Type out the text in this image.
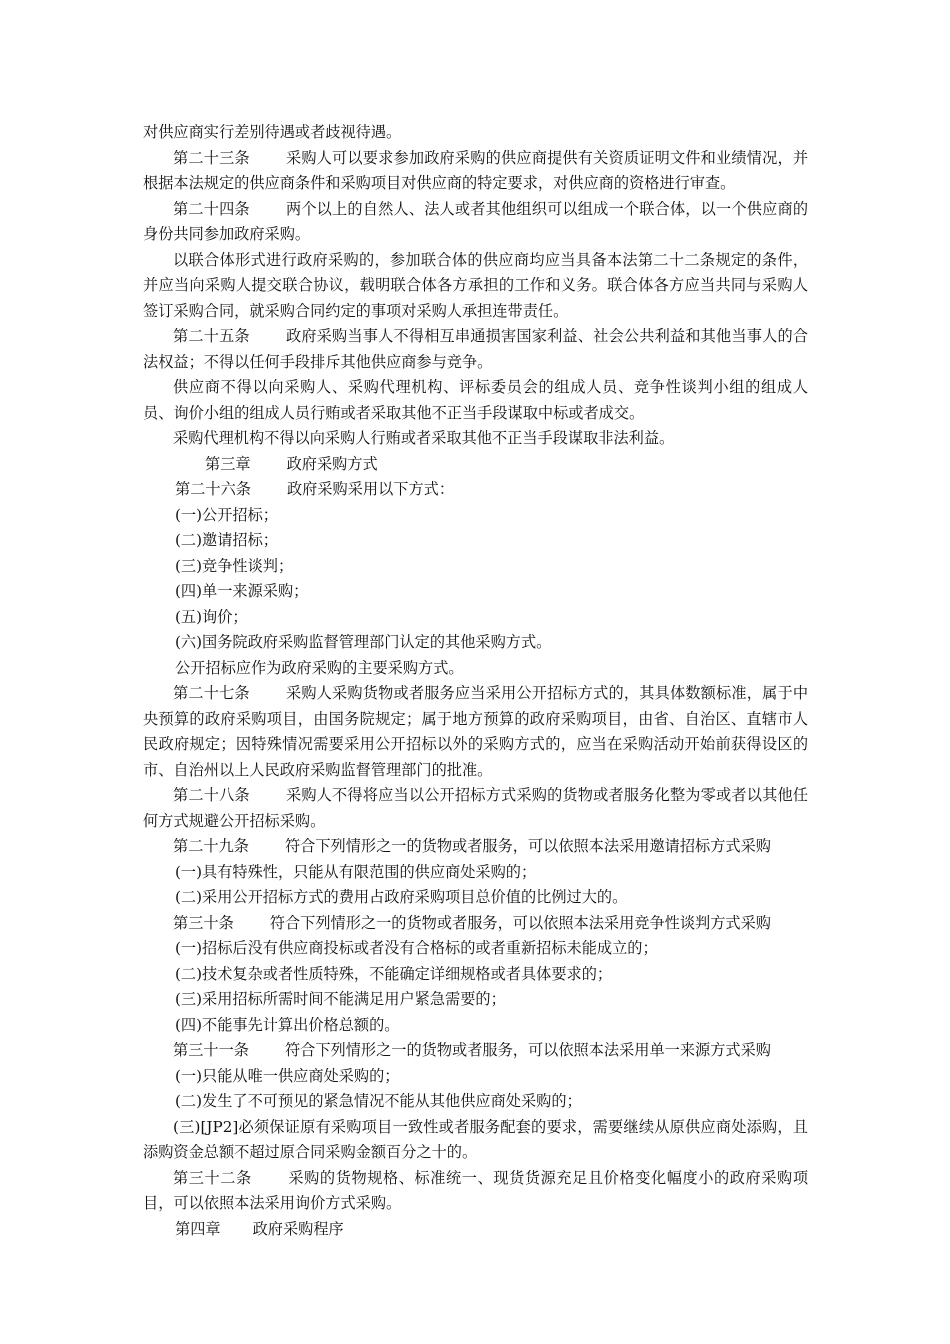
对供应商实行差别待遇或者歧视待遇。

第二十三条 采购人可以要求参加政府采购的供应商提供有关资质证明文件和业绩情况，并根据本法规定的供应商条件和采购项目对供应商的特定要求，对供应商的资格进行审查。

第二十四条 两个以上的自然人、法人或者其他组织可以组成一个联合体，以一个供应商的身份共同参加政府采购。

以联合体形式进行政府采购的，参加联合体的供应商均应当具备本法第二十二条规定的条件，并应当向采购人提交联合协议，载明联合体各方承担的工作和义务。联合体各方应当共同与采购人签订采购合同，就采购合同约定的事项对采购人承担连带责任。

第二十五条 政府采购当事人不得相互串通损害国家利益、社会公共利益和其他当事人的合法权益；不得以任何手段排斥其他供应商参与竞争。

供应商不得以向采购人、采购代理机构、评标委员会的组成人员、竞争性谈判小组的组成人员、询价小组的组成人员行贿或者采取其他不正当手段谋取中标或者成交。

采购代理机构不得以向采购人行贿或者采取其他不正当手段谋取非法利益。

第三章 政府采购方式

第二十六条 政府采购采用以下方式：

(一)公开招标；

(二)邀请招标；

(三)竞争性谈判；

(四)单一来源采购；

(五)询价；

(六)国务院政府采购监督管理部门认定的其他采购方式。

公开招标应作为政府采购的主要采购方式。

第二十七条 采购人采购货物或者服务应当采用公开招标方式的，其具体数额标准，属于中央预算的政府采购项目，由国务院规定；属于地方预算的政府采购项目，由省、自治区、直辖市人民政府规定；因特殊情况需要采用公开招标以外的采购方式的，应当在采购活动开始前获得设区的市、自治州以上人民政府采购监督管理部门的批准。

第二十八条 采购人不得将应当以公开招标方式采购的货物或者服务化整为零或者以其他任何方式规避公开招标采购。

第二十九条 符合下列情形之一的货物或者服务，可以依照本法采用邀请招标方式采购

(一)具有特殊性，只能从有限范围的供应商处采购的；

(二)采用公开招标方式的费用占政府采购项目总价值的比例过大的。

第三十条 符合下列情形之一的货物或者服务，可以依照本法采用竞争性谈判方式采购

(一)招标后没有供应商投标或者没有合格标的或者重新招标未能成立的；

(二)技术复杂或者性质特殊，不能确定详细规格或者具体要求的；

(三)采用招标所需时间不能满足用户紧急需要的；

(四)不能事先计算出价格总额的。

第三十一条 符合下列情形之一的货物或者服务，可以依照本法采用单一来源方式采购

(一)只能从唯一供应商处采购的；

(二)发生了不可预见的紧急情况不能从其他供应商处采购的；

(三)[JP2]必须保证原有采购项目一致性或者服务配套的要求，需要继续从原供应商处添购，且添购资金总额不超过原合同采购金额百分之十的。

第三十二条 采购的货物规格、标准统一、现货货源充足且价格变化幅度小的政府采购项目，可以依照本法采用询价方式采购。

第四章 政府采购程序
